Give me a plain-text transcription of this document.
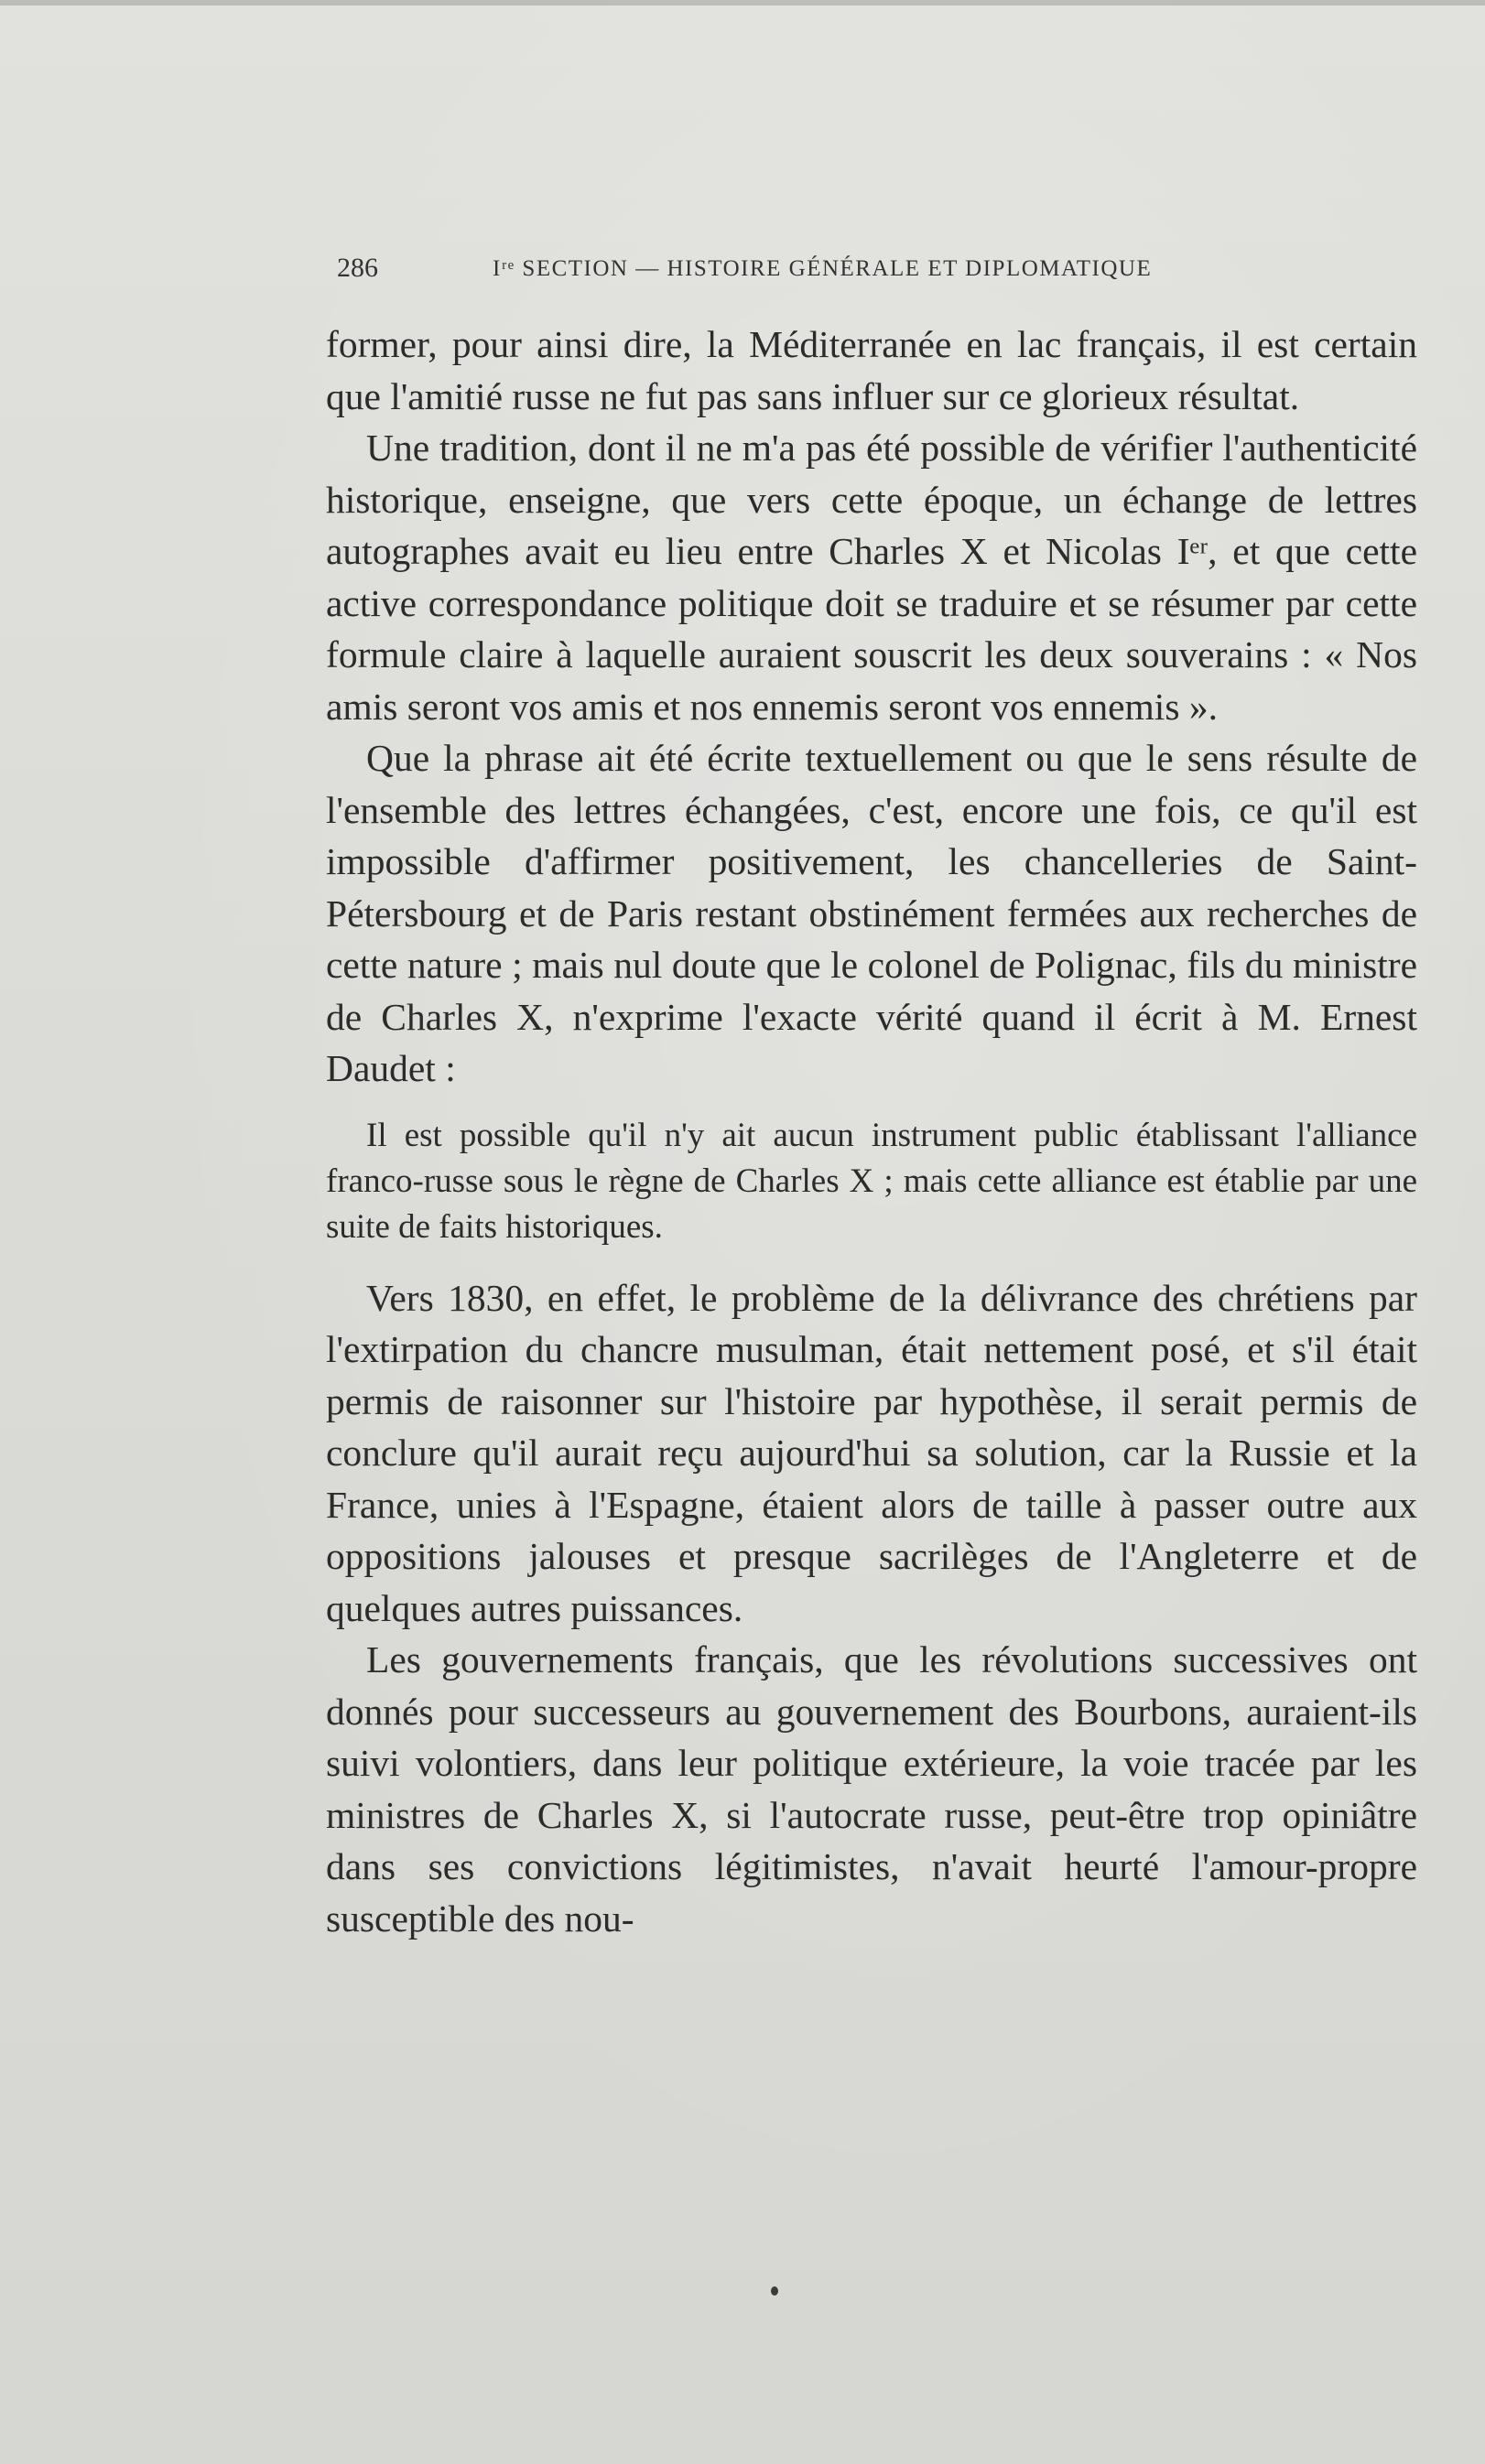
286	Iʳᵉ SECTION — HISTOIRE GÉNÉRALE ET DIPLOMATIQUE

former, pour ainsi dire, la Méditerranée en lac français, il est certain que l'amitié russe ne fut pas sans influer sur ce glorieux résultat.

Une tradition, dont il ne m'a pas été possible de vérifier l'authenticité historique, enseigne, que vers cette époque, un échange de lettres autographes avait eu lieu entre Charles X et Nicolas Iᵉʳ, et que cette active correspondance politique doit se traduire et se résumer par cette formule claire à laquelle auraient souscrit les deux souverains : « Nos amis seront vos amis et nos ennemis seront vos ennemis ».

Que la phrase ait été écrite textuellement ou que le sens résulte de l'ensemble des lettres échangées, c'est, encore une fois, ce qu'il est impossible d'affirmer positivement, les chancelleries de Saint-Pétersbourg et de Paris restant obstinément fermées aux recherches de cette nature ; mais nul doute que le colonel de Polignac, fils du ministre de Charles X, n'exprime l'exacte vérité quand il écrit à M. Ernest Daudet :

Il est possible qu'il n'y ait aucun instrument public établissant l'alliance franco-russe sous le règne de Charles X ; mais cette alliance est établie par une suite de faits historiques.

Vers 1830, en effet, le problème de la délivrance des chrétiens par l'extirpation du chancre musulman, était nettement posé, et s'il était permis de raisonner sur l'histoire par hypothèse, il serait permis de conclure qu'il aurait reçu aujourd'hui sa solution, car la Russie et la France, unies à l'Espagne, étaient alors de taille à passer outre aux oppositions jalouses et presque sacrilèges de l'Angleterre et de quelques autres puissances.

Les gouvernements français, que les révolutions successives ont donnés pour successeurs au gouvernement des Bourbons, auraient-ils suivi volontiers, dans leur politique extérieure, la voie tracée par les ministres de Charles X, si l'autocrate russe, peut-être trop opiniâtre dans ses convictions légitimistes, n'avait heurté l'amour-propre susceptible des nou-
